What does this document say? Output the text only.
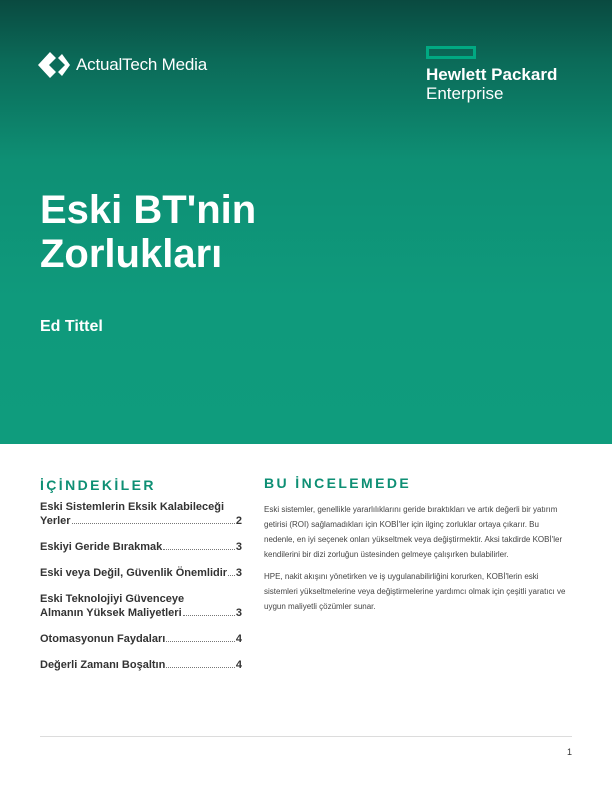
ActualTech Media
Hewlett Packard
Enterprise
Eski BT'nin
Zorlukları
Ed Tittel
İÇİNDEKİLER
Eski Sistemlerin Eksik Kalabileceği
Yerler	2
Eskiyi Geride Bırakmak	3
Eski veya Değil, Güvenlik Önemlidir 3
Eski Teknolojiyi Güvenceye
Almanın Yüksek Maliyetleri	3
Otomasyonun Faydaları	4
Değerli Zamanı Boşaltın	4
BU İNCELEMEDE

Eski sistemler, genellikle yararlılıklarını geride bıraktıkları ve artık değerli bir yatırım getirisi (ROI) sağlamadıkları için KOBİ'ler için ilginç zorluklar ortaya çıkarır. Bu nedenle, en iyi seçenek onları yükseltmek veya değiştirmektir. Aksi takdirde KOBİ'ler kendilerini bir dizi zorluğun üstesinden gelmeye çalışırken bulabilirler.

HPE, nakit akışını yönetirken ve iş uygulanabilirliğini korurken, KOBİ'lerin eski sistemleri yükseltmelerine veya değiştirmelerine yardımcı olmak için çeşitli yaratıcı ve uygun maliyetli çözümler sunar.

1
